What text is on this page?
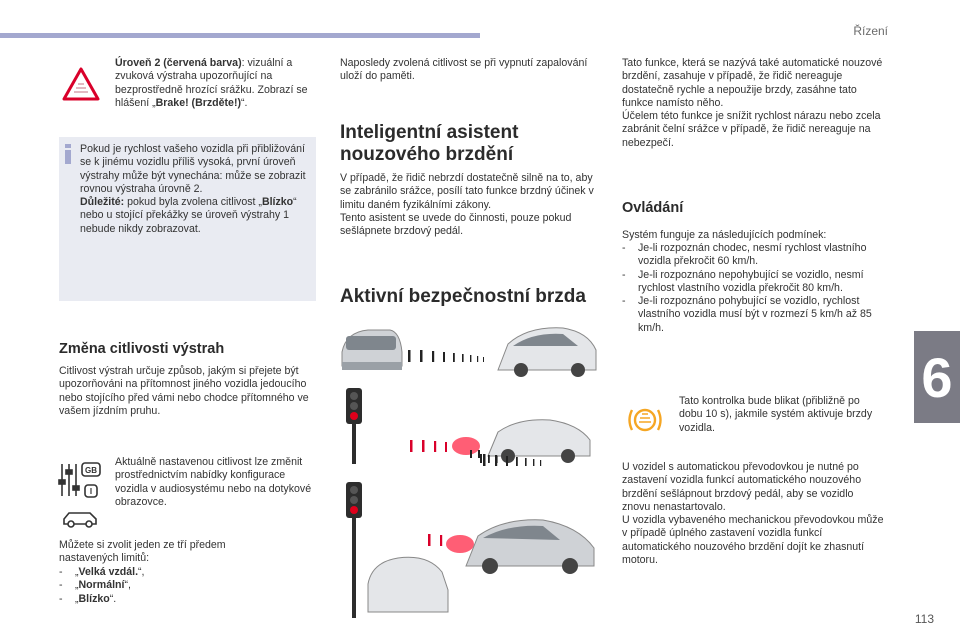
Řízení
6
113

Úroveň 2 (červená barva): vizuální a zvuková výstraha upozorňující na bezprostředně hrozící srážku. Zobrazí se hlášení „Brake! (Brzděte!)“.

Pokud je rychlost vašeho vozidla při přibližování se k jinému vozidlu příliš vysoká, první úroveň výstrahy může být vynechána: může se zobrazit rovnou výstraha úrovně 2.

Důležité: pokud byla zvolena citlivost „Blízko“ nebo u stojící překážky se úroveň výstrahy 1 nebude nikdy zobrazovat.

Změna citlivosti výstrah
Citlivost výstrah určuje způsob, jakým si přejete být upozorňováni na přítomnost jiného vozidla jedoucího nebo stojícího před vámi nebo chodce přítomného ve vašem jízdním pruhu.
GB
I
Aktuálně nastavenou citlivost lze změnit prostřednictvím nabídky konfigurace vozidla v audiosystému nebo na dotykové obrazovce.
Můžete si zvolit jeden ze tří předem nastavených limitů:
-	„Velká vzdál.“,
-	„Normální“,
-	„Blízko“.
Naposledy zvolená citlivost se při vypnutí zapalování uloží do paměti.
Inteligentní asistent nouzového brzdění

V případě, že řidič nebrzdí dostatečně silně na to, aby se zabránilo srážce, posílí tato funkce brzdný účinek v limitu daném fyzikálními zákony.

Tento asistent se uvede do činnosti, pouze pokud sešlápnete brzdový pedál.

Aktivní bezpečnostní brzda

Tato funkce, která se nazývá také automatické nouzové brzdění, zasahuje v případě, že řidič nereaguje dostatečně rychle a nepoužije brzdy, zasáhne tato funkce namísto něho.

Účelem této funkce je snížit rychlost nárazu nebo zcela zabránit čelní srážce v případě, že řidič nereaguje na nebezpečí.

Ovládání
Systém funguje za následujících podmínek:
-	Je-li rozpoznán chodec, nesmí rychlost vlastního vozidla překročit 60 km/h.
-	Je-li rozpoznáno nepohybující se vozidlo, nesmí rychlost vlastního vozidla překročit 80 km/h.
-	Je-li rozpoznáno pohybující se vozidlo, rychlost vlastního vozidla musí být v rozmezí 5 km/h až 85 km/h.
Tato kontrolka bude blikat (přibližně po dobu 10 s), jakmile systém aktivuje brzdy vozidla.

U vozidel s automatickou převodovkou je nutné po zastavení vozidla funkcí automatického nouzového brzdění sešlápnout brzdový pedál, aby se vozidlo znovu nenastartovalo.

U vozidla vybaveného mechanickou převodovkou může v případě úplného zastavení vozidla funkcí automatického nouzového brzdění dojít ke zhasnutí motoru.
